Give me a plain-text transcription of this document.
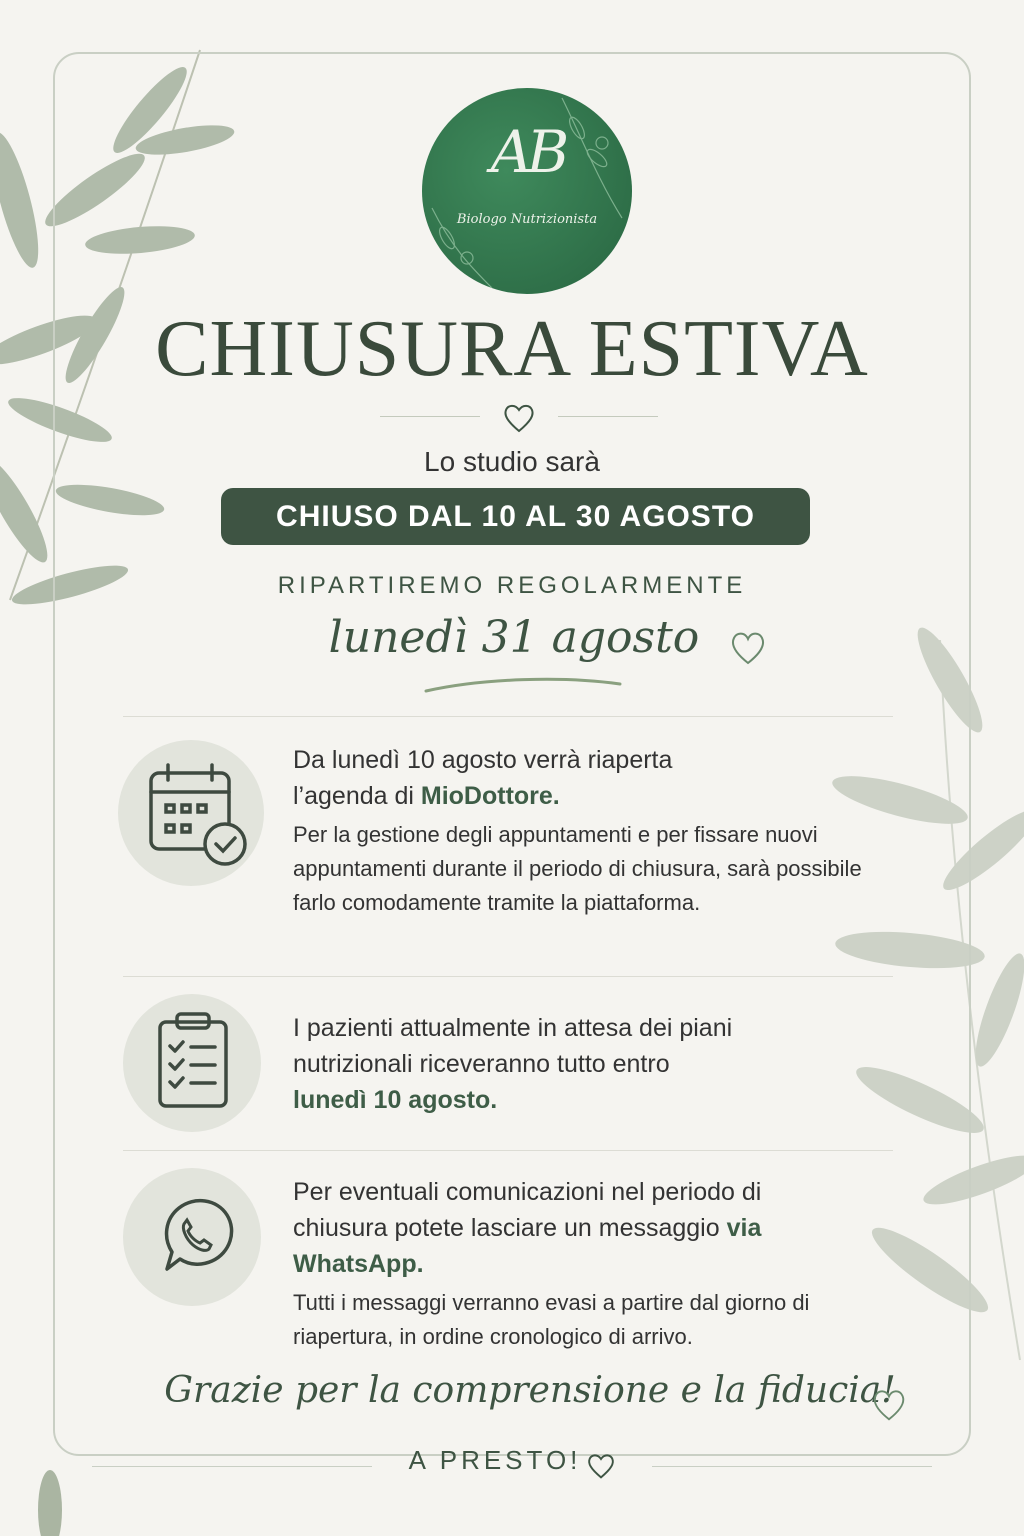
AB
Biologo Nutrizionista
CHIUSURA ESTIVA
Lo studio sarà
CHIUSO DAL 10 AL 30 AGOSTO
RIPARTIREMO REGOLARMENTE
lunedì 31 agosto
Da lunedì 10 agosto verrà riaperta
l’agenda di MioDottore.
Per la gestione degli appuntamenti e per fissare nuovi appuntamenti durante il periodo di chiusura, sarà possibile farlo comodamente tramite la piattaforma.
I pazienti attualmente in attesa dei piani nutrizionali riceveranno tutto entro
lunedì 10 agosto.
Per eventuali comunicazioni nel periodo di chiusura potete lasciare un messaggio via WhatsApp.
Tutti i messaggi verranno evasi a partire dal giorno di riapertura, in ordine cronologico di arrivo.
Grazie per la comprensione e la fiducia!
A PRESTO!
